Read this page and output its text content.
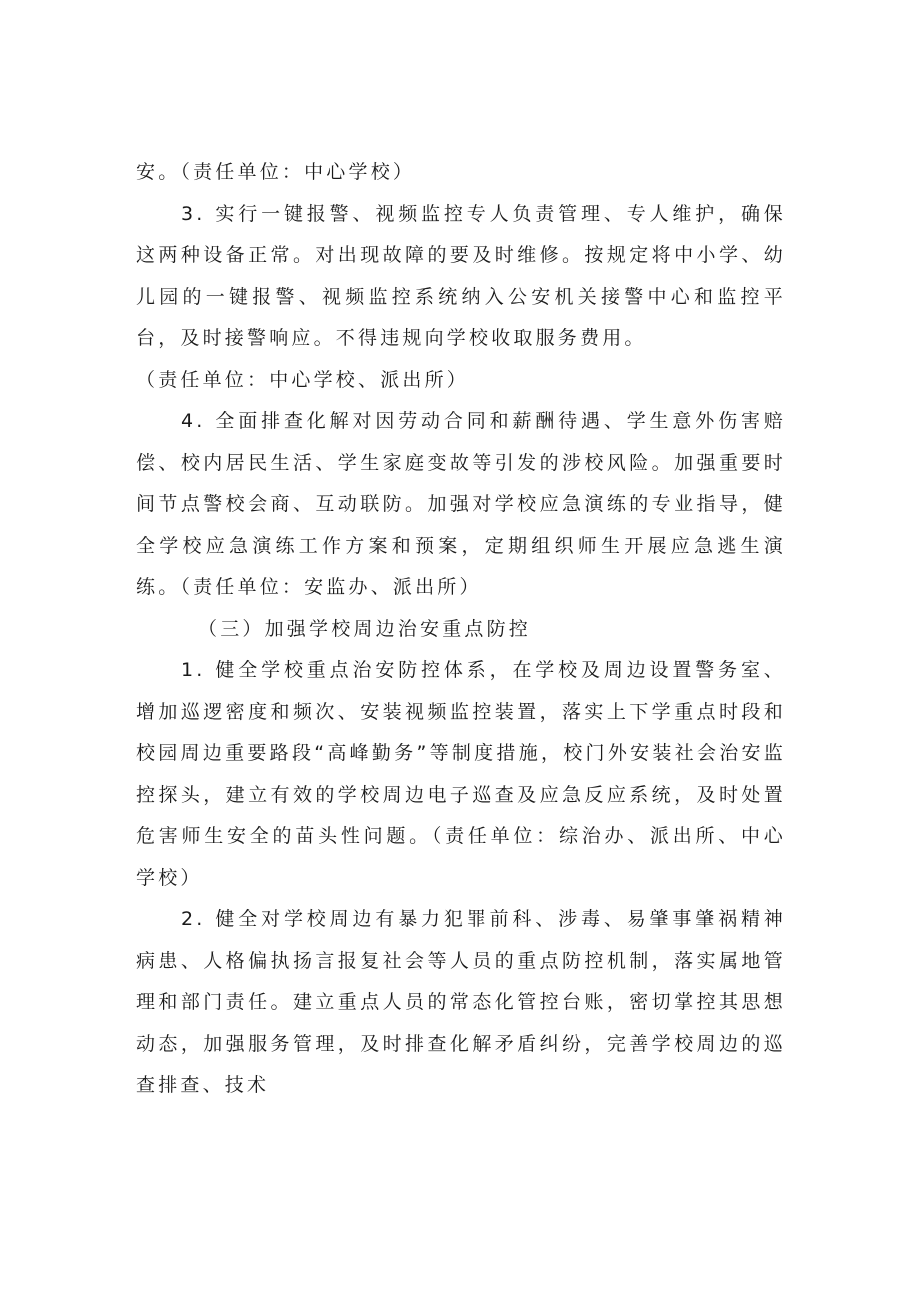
安。（责任单位：中心学校）

3. 实行一键报警、视频监控专人负责管理、专人维护，确保这两种设备正常。对出现故障的要及时维修。按规定将中小学、幼儿园的一键报警、视频监控系统纳入公安机关接警中心和监控平台，及时接警响应。不得违规向学校收取服务费用。

（责任单位：中心学校、派出所）

4. 全面排查化解对因劳动合同和薪酬待遇、学生意外伤害赔偿、校内居民生活、学生家庭变故等引发的涉校风险。加强重要时间节点警校会商、互动联防。加强对学校应急演练的专业指导，健全学校应急演练工作方案和预案，定期组织师生开展应急逃生演练。（责任单位：安监办、派出所）

（三）加强学校周边治安重点防控

1. 健全学校重点治安防控体系，在学校及周边设置警务室、增加巡逻密度和频次、安装视频监控装置，落实上下学重点时段和校园周边重要路段“高峰勤务”等制度措施，校门外安装社会治安监控探头，建立有效的学校周边电子巡查及应急反应系统，及时处置危害师生安全的苗头性问题。（责任单位：综治办、派出所、中心学校）

2. 健全对学校周边有暴力犯罪前科、涉毒、易肇事肇祸精神病患、人格偏执扬言报复社会等人员的重点防控机制，落实属地管理和部门责任。建立重点人员的常态化管控台账，密切掌控其思想动态，加强服务管理，及时排查化解矛盾纠纷，完善学校周边的巡查排查、技术
